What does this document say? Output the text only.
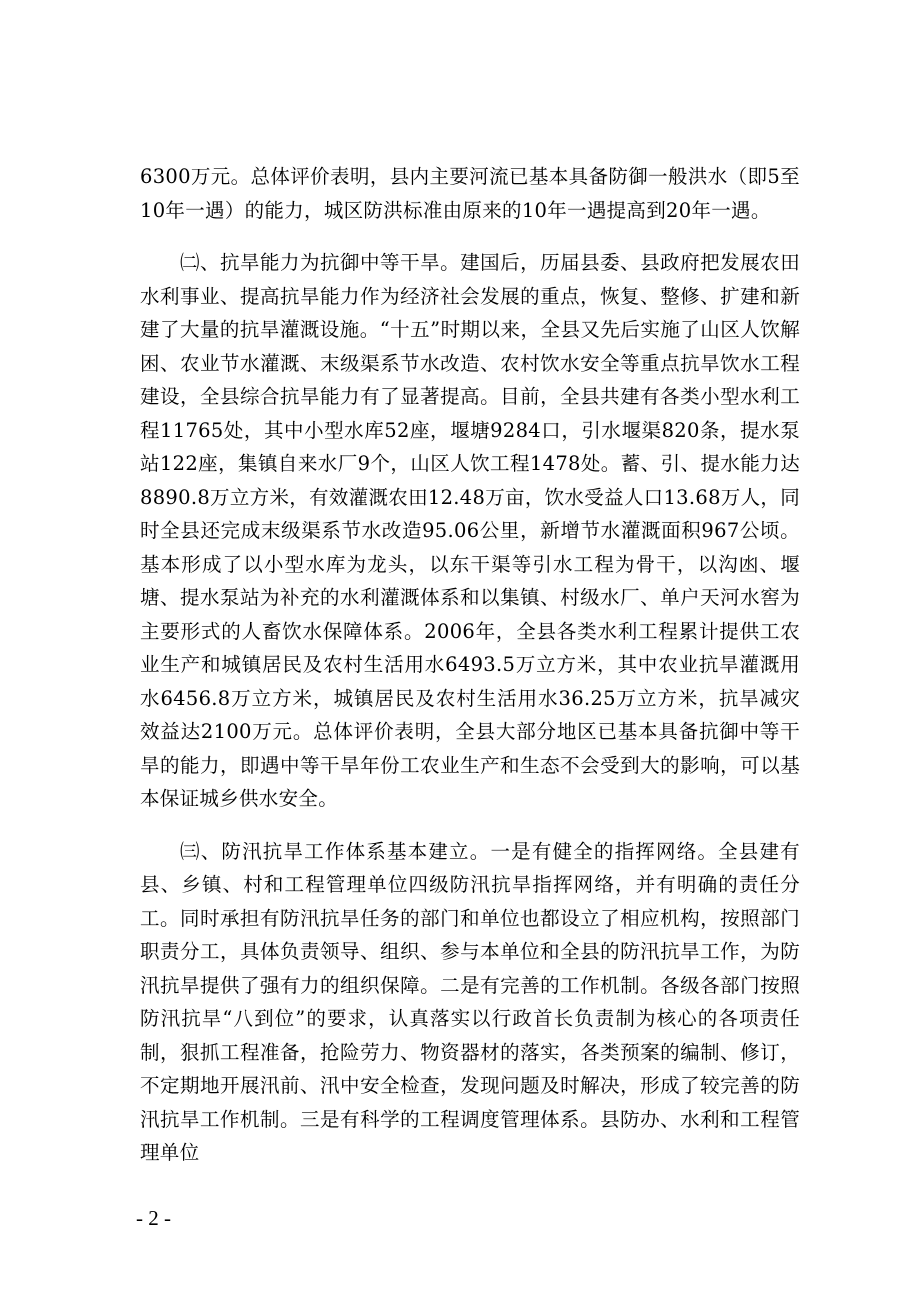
6300万元。总体评价表明，县内主要河流已基本具备防御一般洪水（即5至10年一遇）的能力，城区防洪标准由原来的10年一遇提高到20年一遇。

㈡、抗旱能力为抗御中等干旱。建国后，历届县委、县政府把发展农田水利事业、提高抗旱能力作为经济社会发展的重点，恢复、整修、扩建和新建了大量的抗旱灌溉设施。“十五”时期以来，全县又先后实施了山区人饮解困、农业节水灌溉、末级渠系节水改造、农村饮水安全等重点抗旱饮水工程建设，全县综合抗旱能力有了显著提高。目前，全县共建有各类小型水利工程11765处，其中小型水库52座，堰塘9284口，引水堰渠820条，提水泵站122座，集镇自来水厂9个，山区人饮工程1478处。蓄、引、提水能力达8890.8万立方米，有效灌溉农田12.48万亩，饮水受益人口13.68万人，同时全县还完成末级渠系节水改造95.06公里，新增节水灌溉面积967公顷。基本形成了以小型水库为龙头，以东干渠等引水工程为骨干，以沟凼、堰塘、提水泵站为补充的水利灌溉体系和以集镇、村级水厂、单户天河水窖为主要形式的人畜饮水保障体系。2006年，全县各类水利工程累计提供工农业生产和城镇居民及农村生活用水6493.5万立方米，其中农业抗旱灌溉用水6456.8万立方米，城镇居民及农村生活用水36.25万立方米，抗旱减灾效益达2100万元。总体评价表明，全县大部分地区已基本具备抗御中等干旱的能力，即遇中等干旱年份工农业生产和生态不会受到大的影响，可以基本保证城乡供水安全。

㈢、防汛抗旱工作体系基本建立。一是有健全的指挥网络。全县建有县、乡镇、村和工程管理单位四级防汛抗旱指挥网络，并有明确的责任分工。同时承担有防汛抗旱任务的部门和单位也都设立了相应机构，按照部门职责分工，具体负责领导、组织、参与本单位和全县的防汛抗旱工作，为防汛抗旱提供了强有力的组织保障。二是有完善的工作机制。各级各部门按照防汛抗旱“八到位”的要求，认真落实以行政首长负责制为核心的各项责任制，狠抓工程准备，抢险劳力、物资器材的落实，各类预案的编制、修订，不定期地开展汛前、汛中安全检查，发现问题及时解决，形成了较完善的防汛抗旱工作机制。三是有科学的工程调度管理体系。县防办、水利和工程管理单位

- 2 -
